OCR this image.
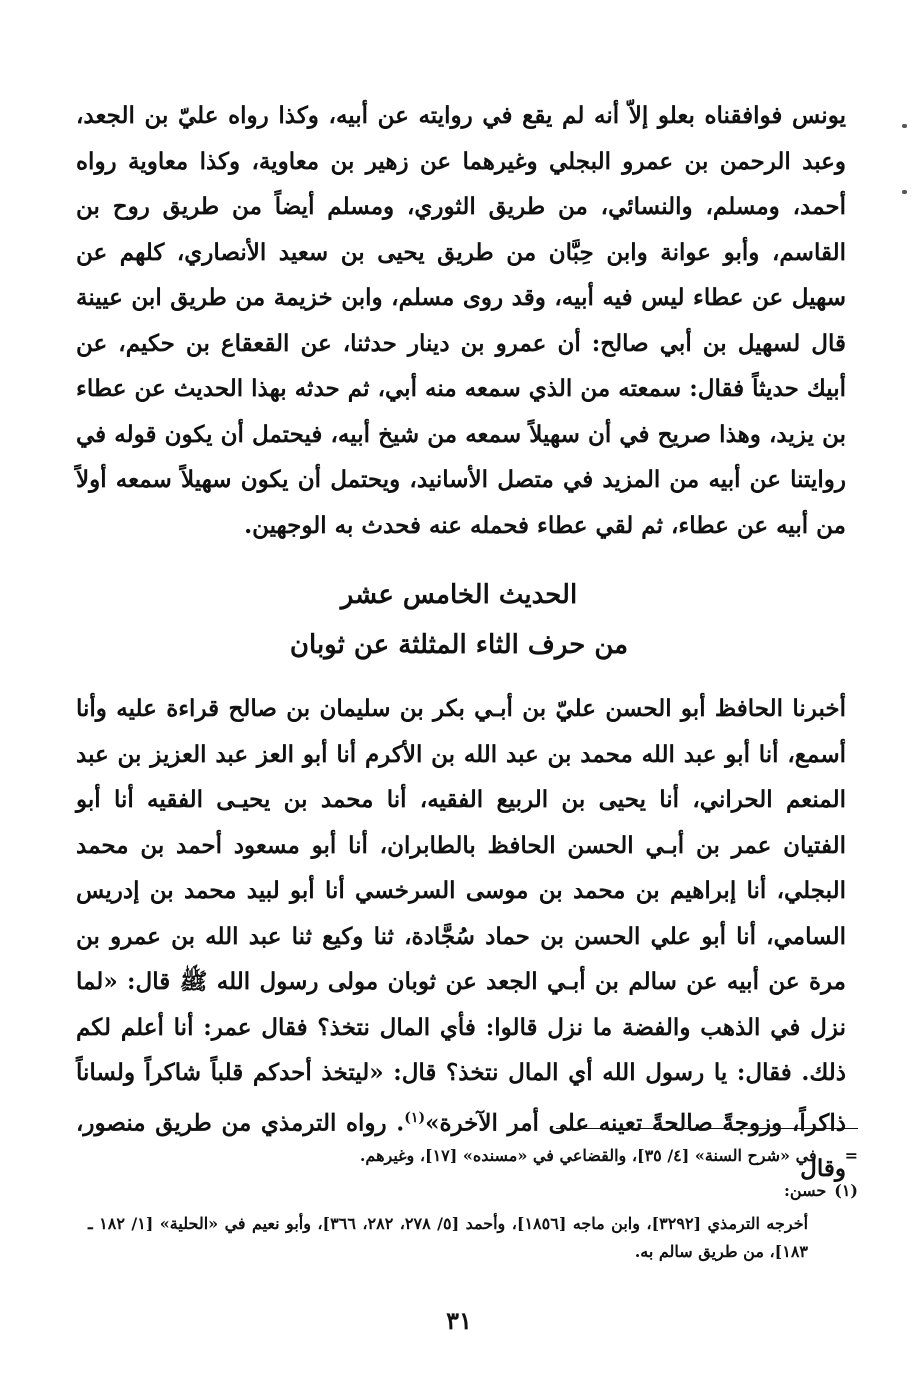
يونس فوافقناه بعلو إلاّ أنه لم يقع في روايته عن أبيه، وكذا رواه عليّ بن الجعد، وعبد الرحمن بن عمرو البجلي وغيرهما عن زهير بن معاوية، وكذا معاوية رواه أحمد، ومسلم، والنسائي، من طريق الثوري، ومسلم أيضاً من طريق روح بن القاسم، وأبو عوانة وابن حِبَّان من طريق يحيى بن سعيد الأنصاري، كلهم عن سهيل عن عطاء ليس فيه أبيه، وقد روى مسلم، وابن خزيمة من طريق ابن عيينة قال لسهيل بن أبي صالح: أن عمرو بن دينار حدثنا، عن القعقاع بن حكيم، عن أبيك حديثاً فقال: سمعته من الذي سمعه منه أبي، ثم حدثه بهذا الحديث عن عطاء بن يزيد، وهذا صريح في أن سهيلاً سمعه من شيخ أبيه، فيحتمل أن يكون قوله في روايتنا عن أبيه من المزيد في متصل الأسانيد، ويحتمل أن يكون سهيلاً سمعه أولاً من أبيه عن عطاء، ثم لقي عطاء فحمله عنه فحدث به الوجهين.

الحديث الخامس عشر
من حرف الثاء المثلثة عن ثوبان

أخبرنا الحافظ أبو الحسن عليّ بن أبـي بكر بن سليمان بن صالح قراءة عليه وأنا أسمع، أنا أبو عبد الله محمد بن عبد الله بن الأكرم أنا أبو العز عبد العزيز بن عبد المنعم الحراني، أنا يحيى بن الربيع الفقيه، أنا محمد بن يحيـى الفقيه أنا أبو الفتيان عمر بن أبـي الحسن الحافظ بالطابران، أنا أبو مسعود أحمد بن محمد البجلي، أنا إبراهيم بن محمد بن موسى السرخسي أنا أبو لبيد محمد بن إدريس السامي، أنا أبو علي الحسن بن حماد سُجَّادة، ثنا وكيع ثنا عبد الله بن عمرو بن مرة عن أبيه عن سالم بن أبـي الجعد عن ثوبان مولى رسول الله ﷺ قال: «لما نزل في الذهب والفضة ما نزل قالوا: فأي المال نتخذ؟ فقال عمر: أنا أعلم لكم ذلك. فقال: يا رسول الله أي المال نتخذ؟ قال: «ليتخذ أحدكم قلباً شاكراً ولساناً ذاكراً، وزوجةً صالحةً تعينه على أمر الآخرة»$^{(١)}$. رواه الترمذي من طريق منصور، وقال

=في «شرح السنة» [٤/ ٣٥]، والقضاعي في «مسنده» [١٧]، وغيرهم.

(١)حسن:

أخرجه الترمذي [٣٢٩٢]، وابن ماجه [١٨٥٦]، وأحمد [٥/ ٢٧٨، ٢٨٢، ٣٦٦]، وأبو نعيم في «الحلية» [١/ ١٨٢ ـ ١٨٣]، من طريق سالم به.

٣١
